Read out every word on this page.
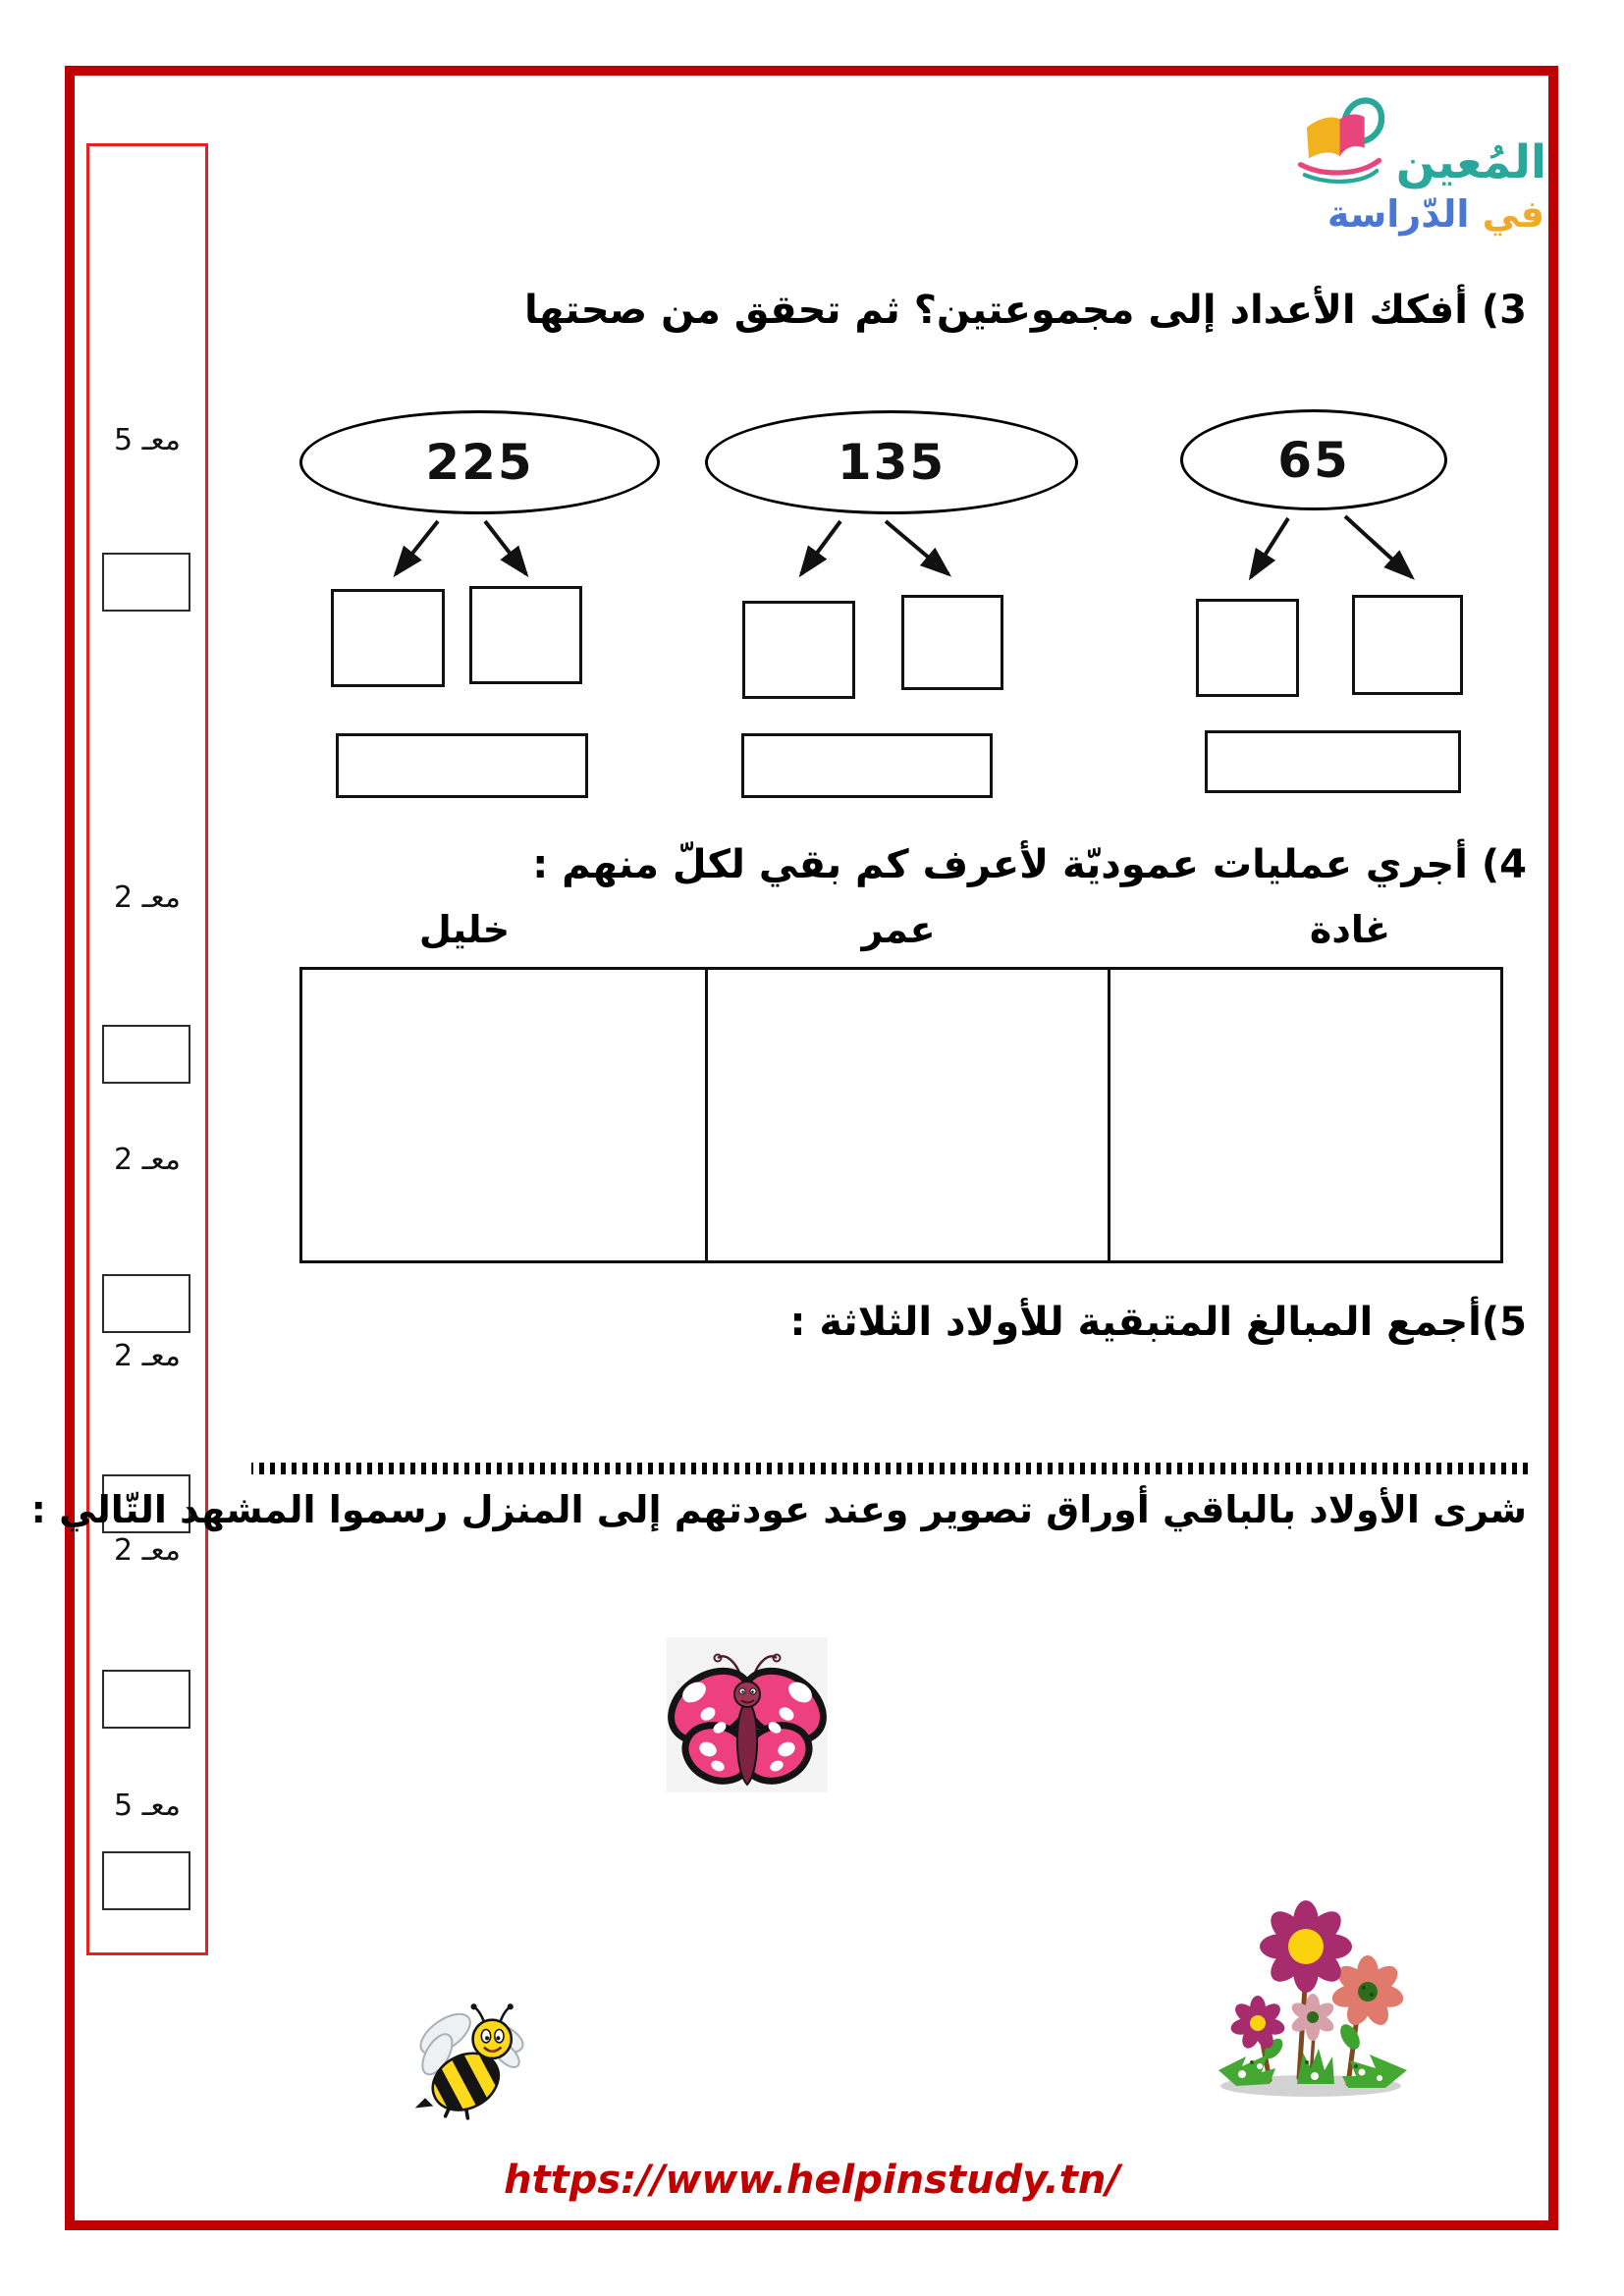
معـ 5
معـ 2
معـ 2
معـ 2
معـ 2
معـ 5
المُعين
في الدّراسة
3) أفكك الأعداد إلى مجموعتين؟ ثم تحقق من صحتها
225	135	65
4) أجري عمليات عموديّة لأعرف كم بقي لكلّ منهم :
غادة
عمر
خليل
5)أجمع المبالغ المتبقية للأولاد الثلاثة :
شرى الأولاد بالباقي أوراق تصوير وعند عودتهم إلى المنزل رسموا المشهد التّالي :
https://www.helpinstudy.tn/
